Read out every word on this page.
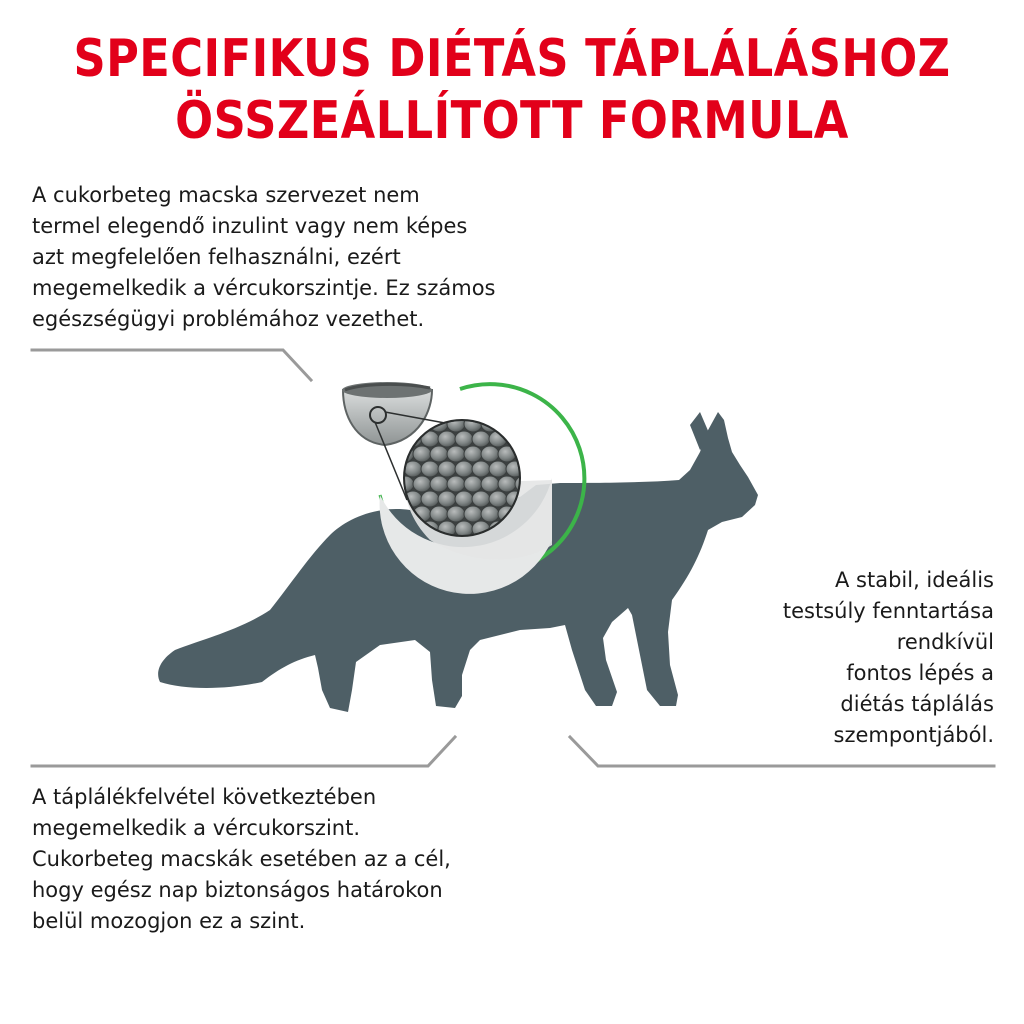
SPECIFIKUS DIÉTÁS TÁPLÁLÁSHOZ
ÖSSZEÁLLÍTOTT FORMULA
A cukorbeteg macska szervezet nem
termel elegendő inzulint vagy nem képes
azt megfelelően felhasználni, ezért
megemelkedik a vércukorszintje. Ez számos
egészségügyi problémához vezethet.
A stabil, ideális
testsúly fenntartása
rendkívül
fontos lépés a
diétás táplálás
szempontjából.
A táplálékfelvétel következtében
megemelkedik a vércukorszint.
Cukorbeteg macskák esetében az a cél,
hogy egész nap biztonságos határokon
belül mozogjon ez a szint.
